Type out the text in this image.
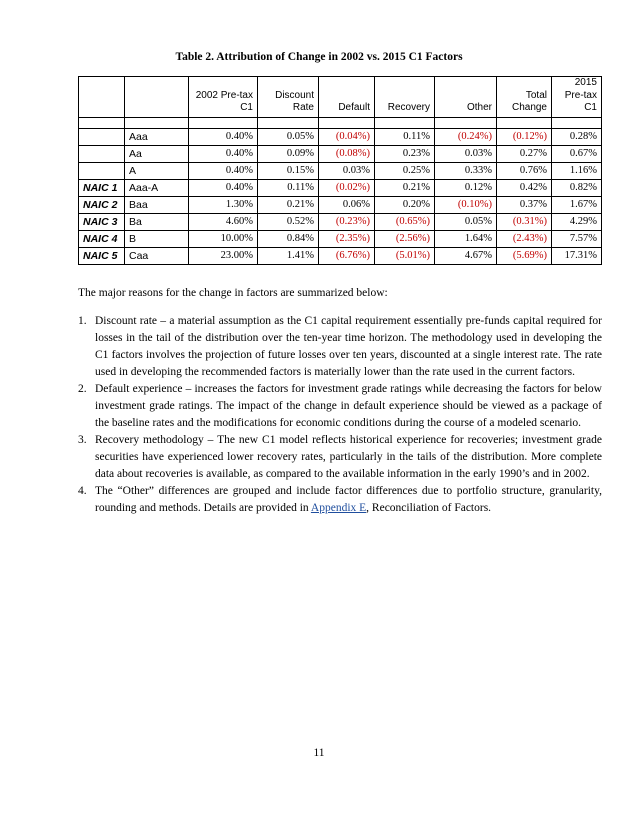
Table 2. Attribution of Change in 2002 vs. 2015 C1 Factors
		2002 Pre-tax C1	Discount Rate	Default	Recovery	Other	Total Change	2015 Pre-tax C1

	Aaa	0.40%	0.05%	(0.04%)	0.11%	(0.24%)	(0.12%)	0.28%
	Aa	0.40%	0.09%	(0.08%)	0.23%	0.03%	0.27%	0.67%
	A	0.40%	0.15%	0.03%	0.25%	0.33%	0.76%	1.16%
NAIC 1	Aaa-A	0.40%	0.11%	(0.02%)	0.21%	0.12%	0.42%	0.82%
NAIC 2	Baa	1.30%	0.21%	0.06%	0.20%	(0.10%)	0.37%	1.67%
NAIC 3	Ba	4.60%	0.52%	(0.23%)	(0.65%)	0.05%	(0.31%)	4.29%
NAIC 4	B	10.00%	0.84%	(2.35%)	(2.56%)	1.64%	(2.43%)	7.57%
NAIC 5	Caa	23.00%	1.41%	(6.76%)	(5.01%)	4.67%	(5.69%)	17.31%
The major reasons for the change in factors are summarized below:
1. Discount rate – a material assumption as the C1 capital requirement essentially pre-funds capital required for losses in the tail of the distribution over the ten-year time horizon. The methodology used in developing the C1 factors involves the projection of future losses over ten years, discounted at a single interest rate. The rate used in developing the recommended factors is materially lower than the rate used in the current factors.
2. Default experience – increases the factors for investment grade ratings while decreasing the factors for below investment grade ratings. The impact of the change in default experience should be viewed as a package of the baseline rates and the modifications for economic conditions during the course of a modeled scenario.
3. Recovery methodology – The new C1 model reflects historical experience for recoveries; investment grade securities have experienced lower recovery rates, particularly in the tails of the distribution. More complete data about recoveries is available, as compared to the available information in the early 1990’s and in 2002.
4. The “Other” differences are grouped and include factor differences due to portfolio structure, granularity, rounding and methods. Details are provided in Appendix E, Reconciliation of Factors.
11
